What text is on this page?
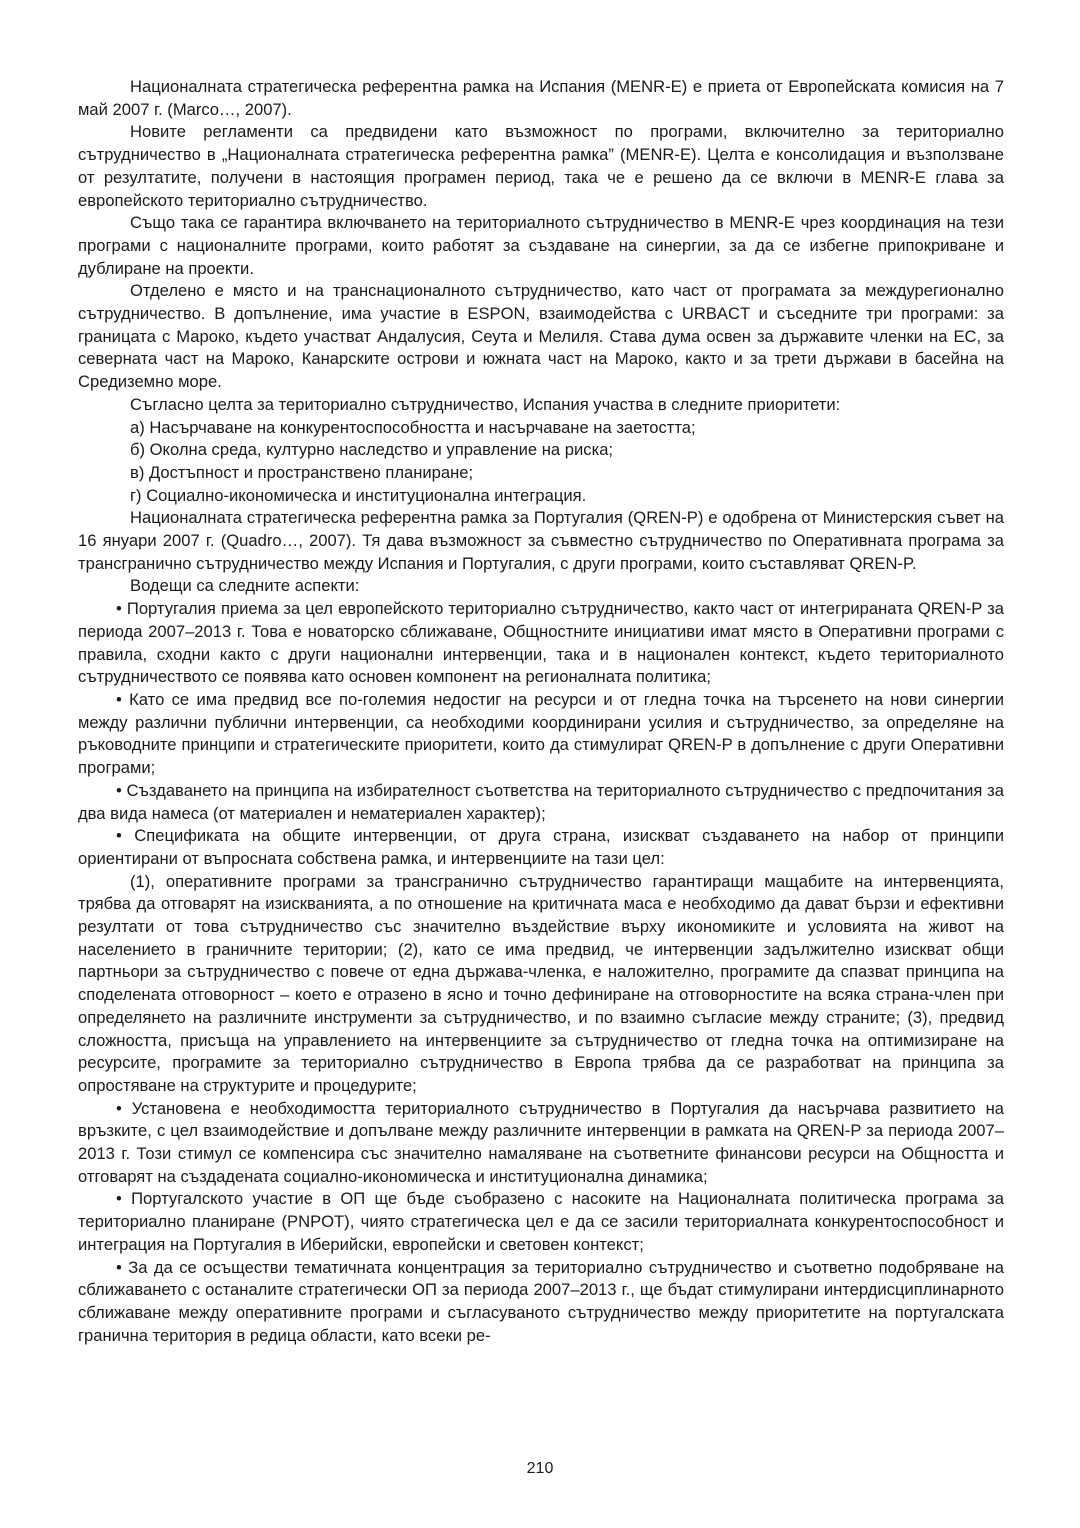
Националната стратегическа референтна рамка на Испания (MENR-E) е приета от Европейската комисия на 7 май 2007 г. (Marco…, 2007).

Новите регламенти са предвидени като възможност по програми, включително за териториално сътрудничество в „Националната стратегическа референтна рамка” (MENR-E). Целта е консолидация и възползване от резултатите, получени в настоящия програмен период, така че е решено да се включи в MENR-E глава за европейското териториално сътрудничество.

Също така се гарантира включването на териториалното сътрудничество в MENR-E чрез координация на тези програми с националните програми, които работят за създаване на синергии, за да се избегне припокриване и дублиране на проекти.

Отделено е място и на транснационалното сътрудничество, като част от програмата за междурегионално сътрудничество. В допълнение, има участие в ESPON, взаимодейства с URBACT и съседните три програми: за границата с Мароко, където участват Андалусия, Сеута и Мелиля. Става дума освен за държавите членки на ЕС, за северната част на Мароко, Канарските острови и южната част на Мароко, както и за трети държави в басейна на Средиземно море.

Съгласно целта за териториално сътрудничество, Испания участва в следните приоритети:

а) Насърчаване на конкурентоспособността и насърчаване на заетостта;

б) Околна среда, културно наследство и управление на риска;

в) Достъпност и пространствено планиране;

г) Социално-икономическа и институционална интеграция.

Националната стратегическа референтна рамка за Португалия (QREN-P) е одобрена от Министерския съвет на 16 януари 2007 г. (Quadro…, 2007). Тя дава възможност за съвместно сътрудничество по Оперативната програма за трансгранично сътрудничество между Испания и Португалия, с други програми, които съставляват QREN-P.

Водещи са следните аспекти:

• Португалия приема за цел европейското териториално сътрудничество, както част от интегрираната QREN-P за периода 2007–2013 г. Това е новаторско сближаване, Общностните инициативи имат място в Оперативни програми с правила, сходни както с други национални интервенции, така и в национален контекст, където териториалното сътрудничеството се появява като основен компонент на регионалната политика;

• Като се има предвид все по-големия недостиг на ресурси и от гледна точка на търсенето на нови синергии между различни публични интервенции, са необходими координирани усилия и сътрудничество, за определяне на ръководните принципи и стратегическите приоритети, които да стимулират QREN-P в допълнение с други Оперативни програми;

• Създаването на принципа на избирателност съответства на териториалното сътрудничество с предпочитания за два вида намеса (от материален и нематериален характер);

• Спецификата на общите интервенции, от друга страна, изискват създаването на набор от принципи ориентирани от въпросната собствена рамка, и интервенциите на тази цел:

(1), оперативните програми за трансгранично сътрудничество гарантиращи мащабите на интервенцията, трябва да отговарят на изискванията, а по отношение на критичната маса е необходимо да дават бързи и ефективни резултати от това сътрудничество със значително въздействие върху икономиките и условията на живот на населението в граничните територии; (2), като се има предвид, че интервенции задължително изискват общи партньори за сътрудничество с повече от една държава-членка, е наложително, програмите да спазват принципа на споделената отговорност – което е отразено в ясно и точно дефиниране на отговорностите на всяка страна-член при определянето на различните инструменти за сътрудничество, и по взаимно съгласие между страните; (3), предвид сложността, присъща на управлението на интервенциите за сътрудничество от гледна точка на оптимизиране на ресурсите, програмите за териториално сътрудничество в Европа трябва да се разработват на принципа за опростяване на структурите и процедурите;

• Установена е необходимостта териториалното сътрудничество в Португалия да насърчава развитието на връзките, с цел взаимодействие и допълване между различните интервенции в рамката на QREN-P за периода 2007–2013 г. Този стимул се компенсира със значително намаляване на съответните финансови ресурси на Общността и отговарят на създадената социално-икономическа и институционална динамика;

• Португалското участие в ОП ще бъде съобразено с насоките на Националната политическа програма за териториално планиране (PNPOT), чиято стратегическа цел е да се засили териториалната конкурентоспособност и интеграция на Португалия в Иберийски, европейски и световен контекст;

• За да се осъществи тематичната концентрация за териториално сътрудничество и съответно подобряване на сближаването с останалите стратегически ОП за периода 2007–2013 г., ще бъдат стимулирани интердисциплинарното сближаване между оперативните програми и съгласуваното сътрудничество между приоритетите на португалската гранична територия в редица области, като всеки ре-

210
